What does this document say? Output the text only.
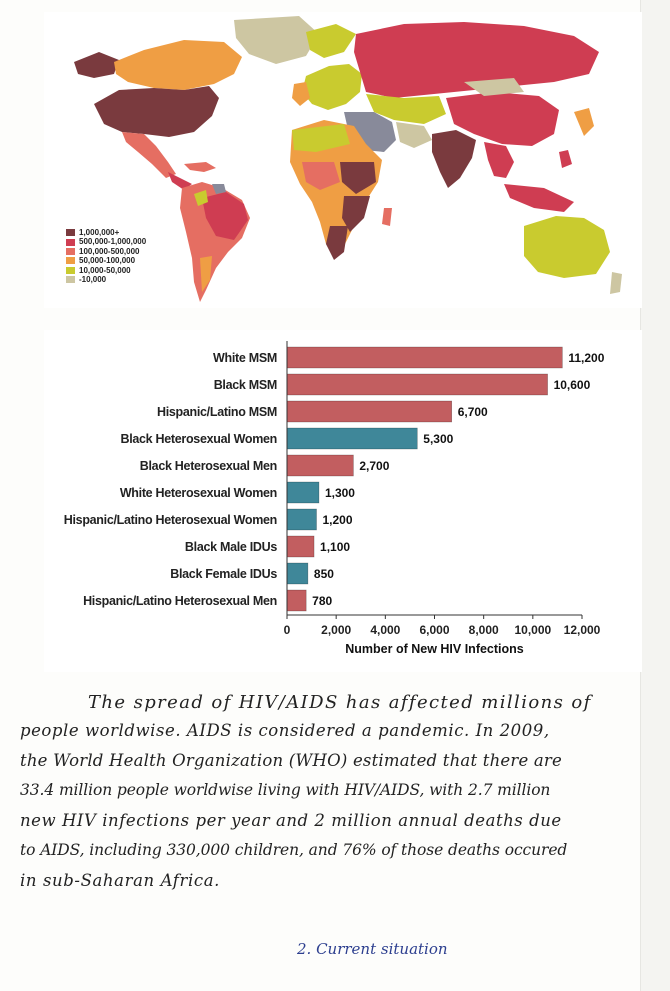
1,000,000+
500,000-1,000,000
100,000-500,000
50,000-100,000
10,000-50,000
-10,000
White MSM	11,200
Black MSM	10,600
Hispanic/Latino MSM	6,700
Black Heterosexual Women	5,300
Black Heterosexual Men	2,700
White Heterosexual Women	1,300
Hispanic/Latino Heterosexual Women	1,200
Black Male IDUs	1,100
Black Female IDUs	850
Hispanic/Latino Heterosexual Men	780
0	2,000 4,000 6,000 8,000 10,000 12,000
Number of New HIV Infections
The spread of HIV/AIDS has affected millions of
people worldwise. AIDS is considered a pandemic. In 2009,
the World Health Organization (WHO) estimated that there are
33.4 million people worldwise living with HIV/AIDS, with 2.7 million
new HIV infections per year and 2 million annual deaths due
to AIDS, including 330,000 children, and 76% of those deaths occured
in sub-Saharan Africa.
2. Current situation
